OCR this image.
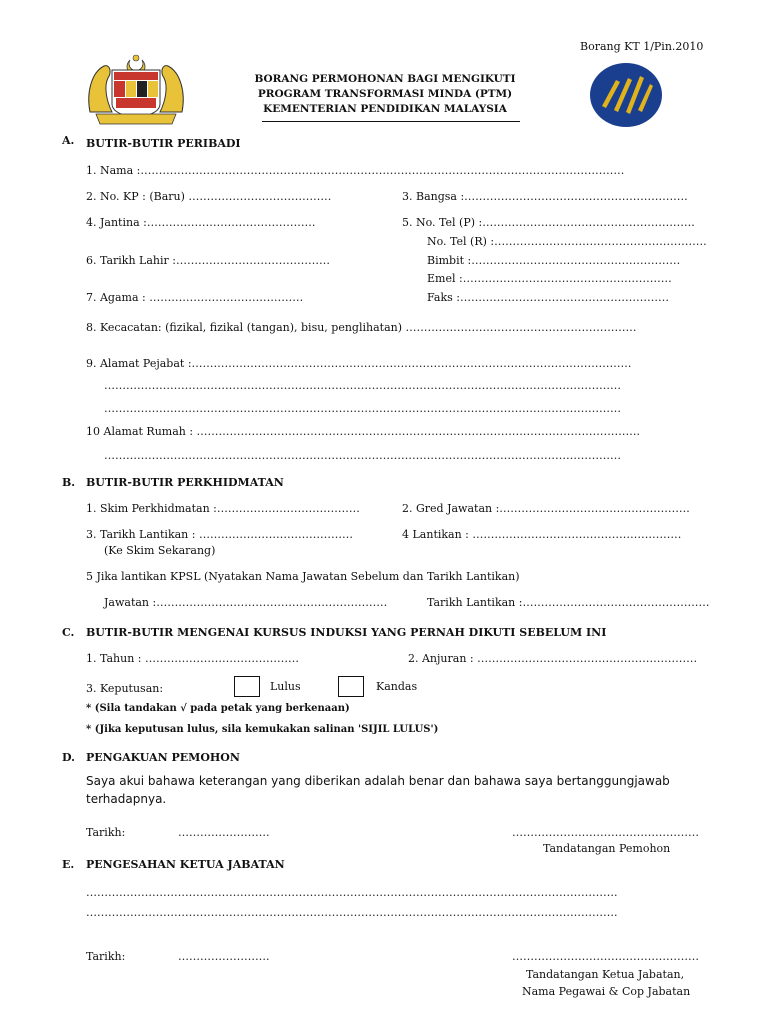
Borang KT 1/Pin.2010
BORANG PERMOHONAN BAGI MENGIKUTI
PROGRAM TRANSFORMASI MINDA (PTM)
KEMENTERIAN PENDIDIKAN MALAYSIA
A. BUTIR-BUTIR PERIBADI
1. Nama :……………………………………………………………………………………………………………………
2. No. KP : (Baru) …………………………………	3. Bangsa :…………………………………………………….
4. Jantina :……………………………………….	5. No. Tel (P) :………………………………………………….
No. Tel (R) :………………………………………………….
6. Tarikh Lahir :……………………………………	Bimbit :…………………………………………………
Emel :…………………………………………………
7. Agama : ……………………………………	Faks :…………………………………………………
8. Kecacatan: (fizikal, fizikal (tangan), bisu, penglihatan) ………………………………………………………
9. Alamat Pejabat :…………………………………………………………………………………………………………
……………………………………………………………………………………………………………………………
……………………………………………………………………………………………………………………………
10 Alamat Rumah : ………………………………………………………………………………………………………….
……………………………………………………………………………………………………………………………
B. BUTIR-BUTIR PERKHIDMATAN
1. Skim Perkhidmatan :…………………………………	2. Gred Jawatan :…………………………………………….
3. Tarikh Lantikan : ……………………………………
(Ke Skim Sekarang)
4 Lantikan : …………………………………………………
5 Jika lantikan KPSL (Nyatakan Nama Jawatan Sebelum dan Tarikh Lantikan)
Jawatan :………………………………………………………	Tarikh Lantikan :……………………………………………
C. BUTIR-BUTIR MENGENAI KURSUS INDUKSI YANG PERNAH DIKUTI SEBELUM INI
1. Tahun : ……………………………………	2. Anjuran : ……………………………………………………
3. Keputusan:	Lulus	Kandas
* (Sila tandakan √ pada petak yang berkenaan)
* (Jika keputusan lulus, sila kemukakan salinan 'SIJIL LULUS')
D. PENGAKUAN PEMOHON
Saya akui bahawa keterangan yang diberikan adalah benar dan bahawa saya bertanggungjawab terhadapnya.
Tarikh:	…………………….	……………………………………………
Tandatangan Pemohon
E. PENGESAHAN KETUA JABATAN
……………………………………………………………………………………………………………………………….
……………………………………………………………………………………………………………………………….
Tarikh:	…………………….	……………………………………………
Tandatangan Ketua Jabatan,
Nama Pegawai & Cop Jabatan
